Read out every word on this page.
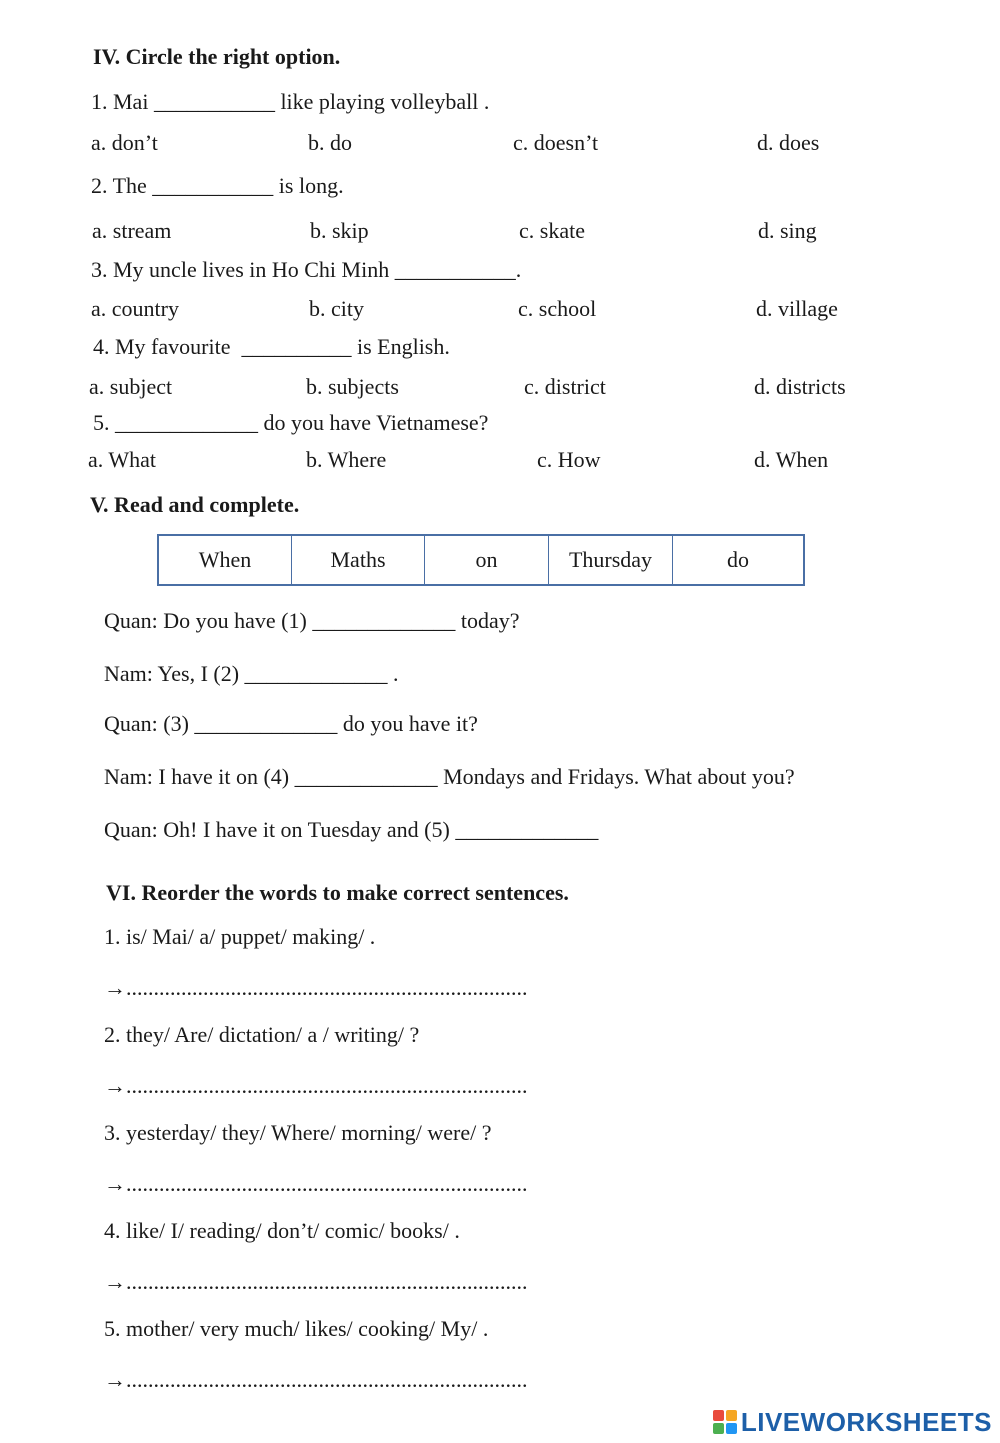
IV. Circle the right option.
1. Mai ___________ like playing volleyball .
a. don’t	b. do	c. doesn’t	d. does
2. The ___________ is long.
a. stream	b. skip	c. skate	d. sing
3. My uncle lives in Ho Chi Minh ___________.
a. country	b. city	c. school	d. village
4. My favourite  __________ is English.
a. subject	b. subjects	c. district	d. districts
5. _____________ do you have Vietnamese?
a. What	b. Where	c. How	d. When
V. Read and complete.
When	Maths	on	Thursday	do
Quan: Do you have (1) _____________ today?
Nam: Yes, I (2) _____________ .
Quan: (3) _____________ do you have it?
Nam: I have it on (4) _____________ Mondays and Fridays. What about you?
Quan: Oh! I have it on Tuesday and (5) _____________
VI. Reorder the words to make correct sentences.
1. is/ Mai/ a/ puppet/ making/ .
→.........................................................................
2. they/ Are/ dictation/ a / writing/ ?
→.........................................................................
3. yesterday/ they/ Where/ morning/ were/ ?
→.........................................................................
4. like/ I/ reading/ don’t/ comic/ books/ .
→.........................................................................
5. mother/ very much/ likes/ cooking/ My/ .
→.........................................................................
LIVEWORKSHEETS
